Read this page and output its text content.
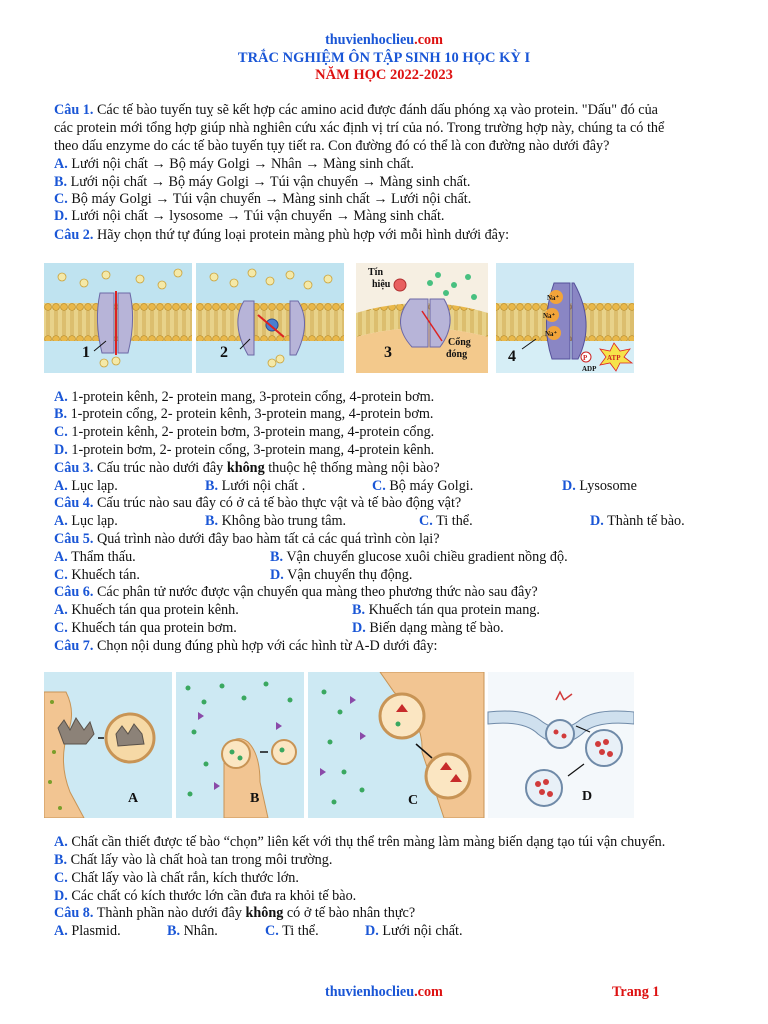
thuvienhoclieu.com
TRẮC NGHIỆM ÔN TẬP SINH 10 HỌC KỲ I
NĂM HỌC 2022-2023
Câu 1. Các tế bào tuyến tuỵ sẽ kết hợp các amino acid được đánh dấu phóng xạ vào protein. "Dấu" đó của
các protein mới tổng hợp giúp nhà nghiên cứu xác định vị trí của nó. Trong trường hợp này, chúng ta có thể
theo dấu enzyme do các tế bào tuyến tụy tiết ra. Con đường đó có thể là con đường nào dưới đây?
A. Lưới nội chất → Bộ máy Golgi → Nhân → Màng sinh chất.
B. Lưới nội chất → Bộ máy Golgi → Túi vận chuyển → Màng sinh chất.
C. Bộ máy Golgi → Túi vận chuyển → Màng sinh chất → Lưới nội chất.
D. Lưới nội chất → lysosome → Túi vận chuyển → Màng sinh chất.
Câu 2. Hãy chọn thứ tự đúng loại protein màng phù hợp với mỗi hình dưới đây:
1	2
Tín
hiệu
Cổng
đóng
3
Na⁺
Na⁺
Na⁺
P	ATP
ADP
4
A. 1-protein kênh, 2- protein mang, 3-protein cổng, 4-protein bơm.
B. 1-protein cổng, 2- protein kênh, 3-protein mang, 4-protein bơm.
C. 1-protein kênh, 2- protein bơm, 3-protein mang, 4-protein cổng.
D. 1-protein bơm, 2- protein cổng, 3-protein mang, 4-protein kênh.
Câu 3. Cấu trúc nào dưới đây không thuộc hệ thống màng nội bào?
A. Lục lạp.	B. Lưới nội chất .	C. Bộ máy Golgi.	D. Lysosome
Câu 4. Cấu trúc nào sau đây có ở cả tế bào thực vật và tế bào động vật?
A. Lục lạp.	B. Không bào trung tâm.	C. Ti thể.	D. Thành tế bào.
Câu 5. Quá trình nào dưới đây bao hàm tất cả các quá trình còn lại?
A. Thẩm thấu.	B. Vận chuyển glucose xuôi chiều gradient nồng độ.
C. Khuếch tán.	D. Vận chuyển thụ động.
Câu 6. Các phân tử nước được vận chuyển qua màng theo phương thức nào sau đây?
A. Khuếch tán qua protein kênh.	B. Khuếch tán qua protein mang.
C. Khuếch tán qua protein bơm.	D. Biến dạng màng tế bào.
Câu 7. Chọn nội dung đúng phù hợp với các hình từ A-D dưới đây:
A	B	C	D
A. Chất cần thiết được tế bào “chọn” liên kết với thụ thể trên màng làm màng biến dạng tạo túi vận chuyển.
B. Chất lấy vào là chất hoà tan trong môi trường.
C. Chất lấy vào là chất rắn, kích thước lớn.
D. Các chất có kích thước lớn cần đưa ra khỏi tế bào.
Câu 8. Thành phần nào dưới đây không có ở tế bào nhân thực?
A. Plasmid.	B. Nhân.	C. Ti thể.	D. Lưới nội chất.
thuvienhoclieu.com	Trang 1
